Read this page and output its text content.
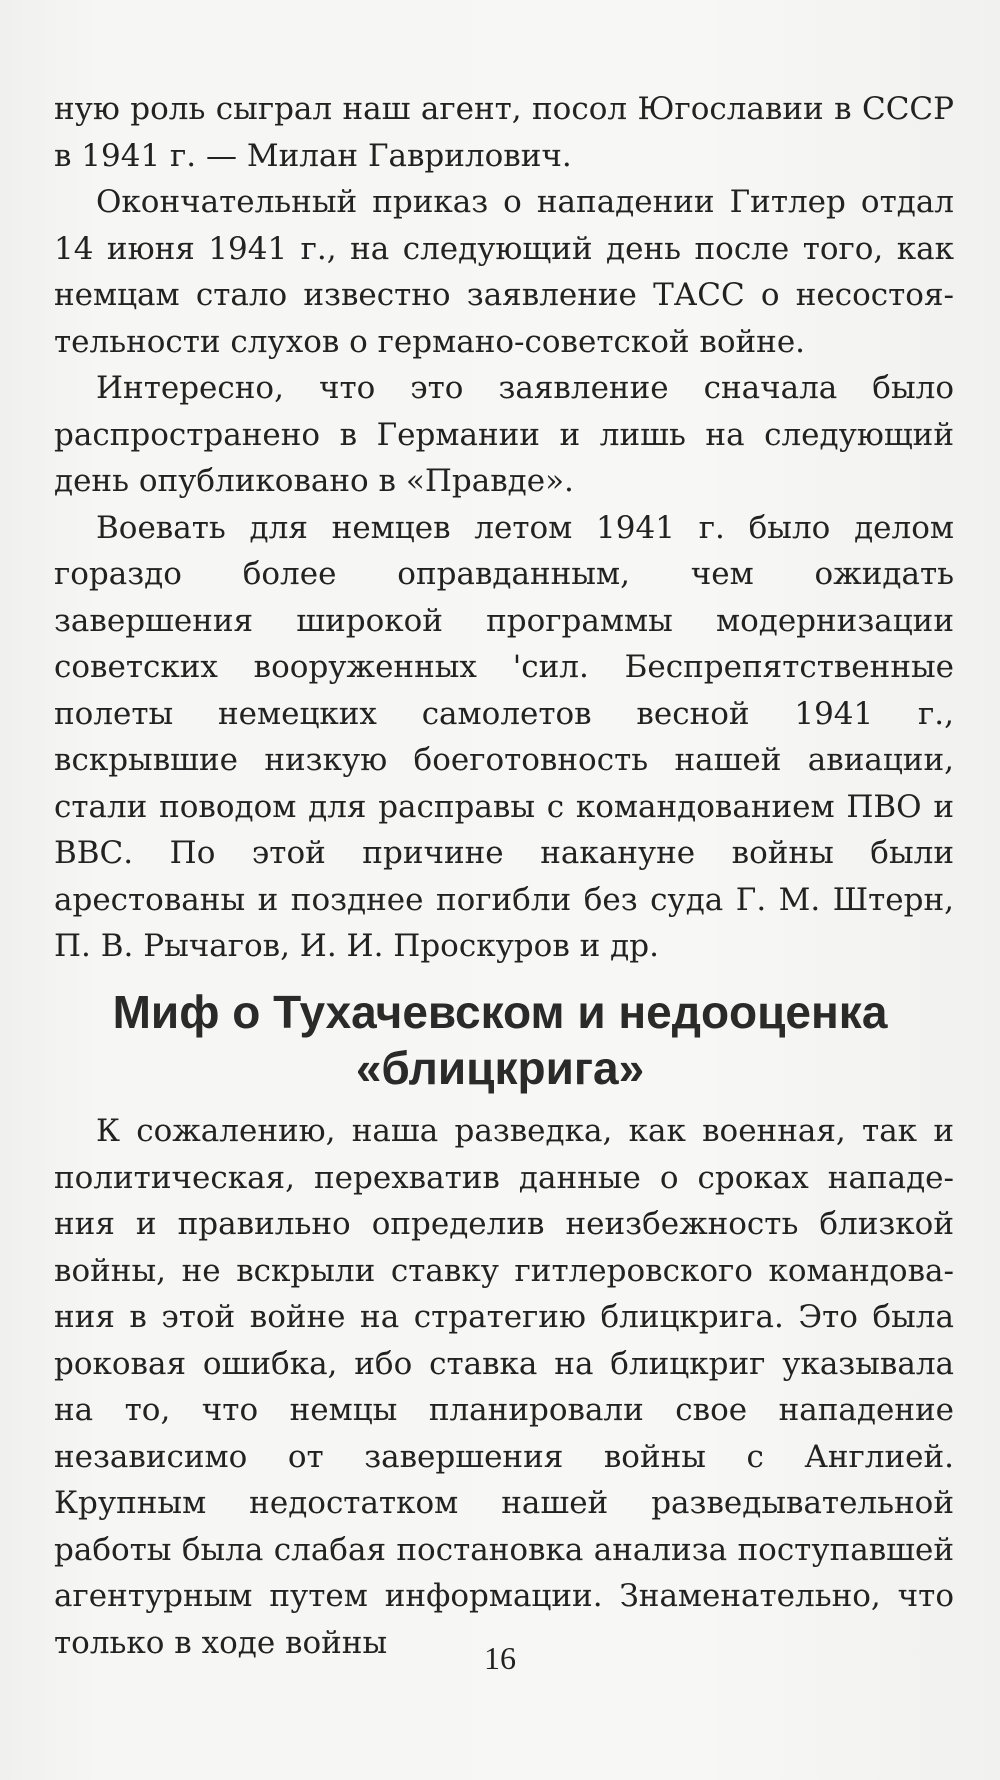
ную роль сыграл наш агент, посол Югославии в СССР в 1941 г. — Милан Гаврилович.

Окончательный приказ о нападении Гитлер отдал 14 июня 1941 г., на следующий день после того, как немцам стало известно заявление ТАСС о несостоятельности слухов о германо-советской войне.

Интересно, что это заявление сначала было распространено в Германии и лишь на следующий день опубликовано в «Правде».

Воевать для немцев летом 1941 г. было делом гораздо более оправданным, чем ожидать завершения широкой программы модернизации советских вооруженных 'сил. Беспрепятственные полеты немецких самолетов весной 1941 г., вскрывшие низкую боеготовность нашей авиации, стали поводом для расправы с командованием ПВО и ВВС. По этой причине накануне войны были арестованы и позднее погибли без суда Г. М. Штерн, П. В. Рычагов, И. И. Проскуров и др.

Миф о Тухачевском и недооценка «блицкрига»

К сожалению, наша разведка, как военная, так и политическая, перехватив данные о сроках нападения и правильно определив неизбежность близкой войны, не вскрыли ставку гитлеровского командования в этой войне на стратегию блицкрига. Это была роковая ошибка, ибо ставка на блицкриг указывала на то, что немцы планировали свое нападение независимо от завершения войны с Англией. Крупным недостатком нашей разведывательной работы была слабая постановка анализа поступавшей агентурным путем информации. Знаменательно, что только в ходе войны	16
